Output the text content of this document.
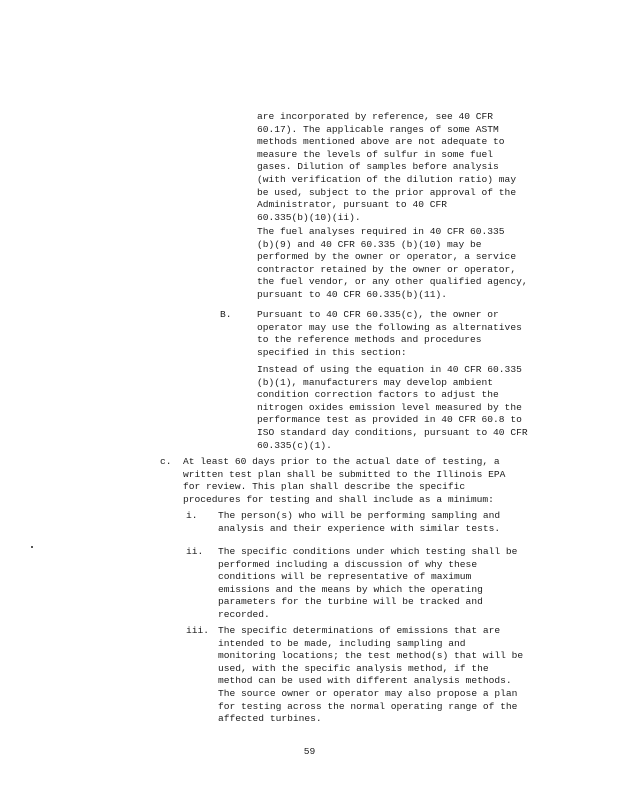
are incorporated by reference, see 40 CFR
60.17). The applicable ranges of some ASTM
methods mentioned above are not adequate to
measure the levels of sulfur in some fuel
gases. Dilution of samples before analysis
(with verification of the dilution ratio) may
be used, subject to the prior approval of the
Administrator, pursuant to 40 CFR
60.335(b)(10)(ii).

The fuel analyses required in 40 CFR 60.335
(b)(9) and 40 CFR 60.335 (b)(10) may be
performed by the owner or operator, a service
contractor retained by the owner or operator,
the fuel vendor, or any other qualified agency,
pursuant to 40 CFR 60.335(b)(11).

B.	Pursuant to 40 CFR 60.335(c), the owner or
operator may use the following as alternatives
to the reference methods and procedures
specified in this section:

Instead of using the equation in 40 CFR 60.335
(b)(1), manufacturers may develop ambient
condition correction factors to adjust the
nitrogen oxides emission level measured by the
performance test as provided in 40 CFR 60.8 to
ISO standard day conditions, pursuant to 40 CFR
60.335(c)(1).

c. At least 60 days prior to the actual date of testing, a
written test plan shall be submitted to the Illinois EPA
for review. This plan shall describe the specific
procedures for testing and shall include as a minimum:

i. The person(s) who will be performing sampling and
analysis and their experience with similar tests.

ii. The specific conditions under which testing shall be
performed including a discussion of why these
conditions will be representative of maximum
emissions and the means by which the operating
parameters for the turbine will be tracked and
recorded.

iii. The specific determinations of emissions that are
intended to be made, including sampling and
monitoring locations; the test method(s) that will be
used, with the specific analysis method, if the
method can be used with different analysis methods.
The source owner or operator may also propose a plan
for testing across the normal operating range of the
affected turbines.

59
